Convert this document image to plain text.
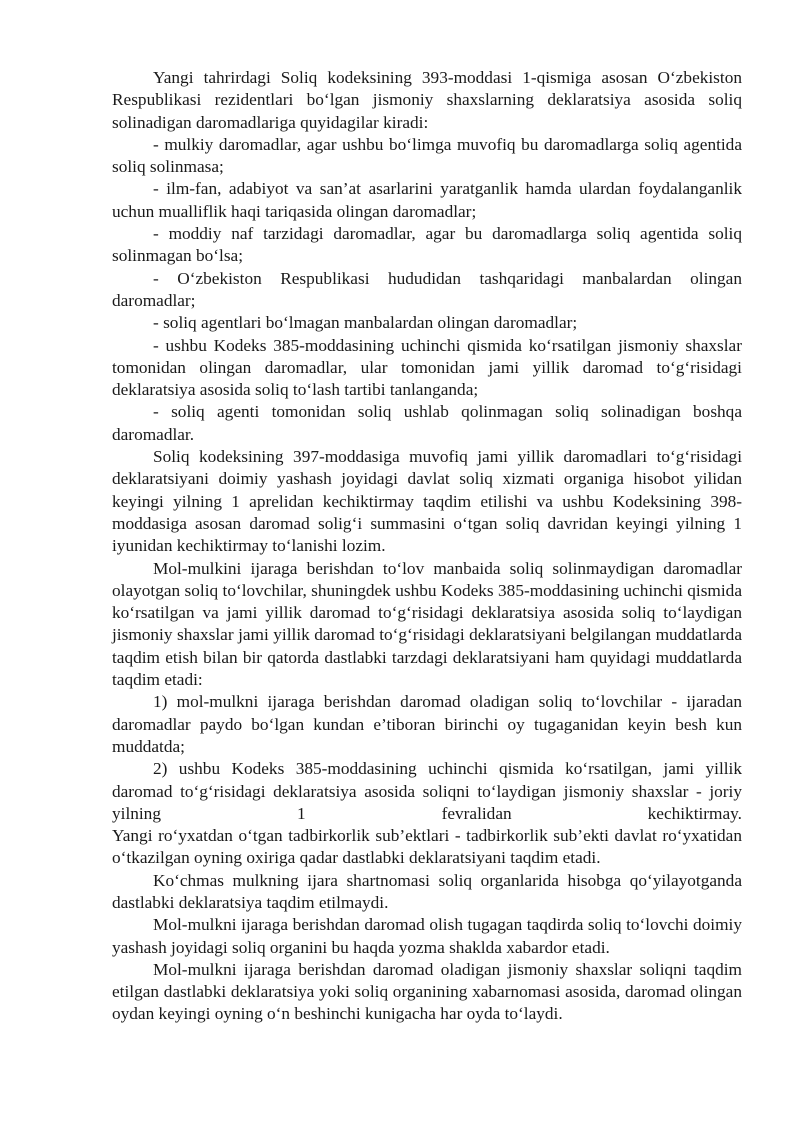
Yangi tahrirdagi Soliq kodeksining 393-moddasi 1-qismiga asosan O‘zbekiston Respublikasi rezidentlari bo‘lgan jismoniy shaxslarning deklaratsiya asosida soliq solinadigan daromadlariga quyidagilar kiradi:

- mulkiy daromadlar, agar ushbu bo‘limga muvofiq bu daromadlarga soliq agentida soliq solinmasa;

- ilm-fan, adabiyot va san’at asarlarini yaratganlik hamda ulardan foydalanganlik uchun mualliflik haqi tariqasida olingan daromadlar;

- moddiy naf tarzidagi daromadlar, agar bu daromadlarga soliq agentida soliq solinmagan bo‘lsa;

- O‘zbekiston Respublikasi hududidan tashqaridagi manbalardan olingan daromadlar;

- soliq agentlari bo‘lmagan manbalardan olingan daromadlar;

- ushbu Kodeks 385-moddasining uchinchi qismida ko‘rsatilgan jismoniy shaxslar tomonidan olingan daromadlar, ular tomonidan jami yillik daromad to‘g‘risidagi deklaratsiya asosida soliq to‘lash tartibi tanlanganda;

- soliq agenti tomonidan soliq ushlab qolinmagan soliq solinadigan boshqa daromadlar.

Soliq kodeksining 397-moddasiga muvofiq jami yillik daromadlari to‘g‘risidagi deklaratsiyani doimiy yashash joyidagi davlat soliq xizmati organiga hisobot yilidan keyingi yilning 1 aprelidan kechiktirmay taqdim etilishi va ushbu Kodeksining 398-moddasiga asosan daromad solig‘i summasini o‘tgan soliq davridan keyingi yilning 1 iyunidan kechiktirmay to‘lanishi lozim.

Mol-mulkini ijaraga berishdan to‘lov manbaida soliq solinmaydigan daromadlar olayotgan soliq to‘lovchilar, shuningdek ushbu Kodeks 385-moddasining uchinchi qismida ko‘rsatilgan va jami yillik daromad to‘g‘risidagi deklaratsiya asosida soliq to‘laydigan jismoniy shaxslar jami yillik daromad to‘g‘risidagi deklaratsiyani belgilangan muddatlarda taqdim etish bilan bir qatorda dastlabki tarzdagi deklaratsiyani ham quyidagi muddatlarda taqdim etadi:

1) mol-mulkni ijaraga berishdan daromad oladigan soliq to‘lovchilar - ijaradan daromadlar paydo bo‘lgan kundan e’tiboran birinchi oy tugaganidan keyin besh kun muddatda;

2) ushbu Kodeks 385-moddasining uchinchi qismida ko‘rsatilgan, jami yillik daromad to‘g‘risidagi deklaratsiya asosida soliqni to‘laydigan jismoniy shaxslar - joriy yilning 1 fevralidan kechiktirmay.

Yangi ro‘yxatdan o‘tgan tadbirkorlik sub’ektlari - tadbirkorlik sub’ekti davlat ro‘yxatidan o‘tkazilgan oyning oxiriga qadar dastlabki deklaratsiyani taqdim etadi.

Ko‘chmas mulkning ijara shartnomasi soliq organlarida hisobga qo‘yilayotganda dastlabki deklaratsiya taqdim etilmaydi.

Mol-mulkni ijaraga berishdan daromad olish tugagan taqdirda soliq to‘lovchi doimiy yashash joyidagi soliq organini bu haqda yozma shaklda xabardor etadi.

Mol-mulkni ijaraga berishdan daromad oladigan jismoniy shaxslar soliqni taqdim etilgan dastlabki deklaratsiya yoki soliq organining xabarnomasi asosida, daromad olingan oydan keyingi oyning o‘n beshinchi kunigacha har oyda to‘laydi.
